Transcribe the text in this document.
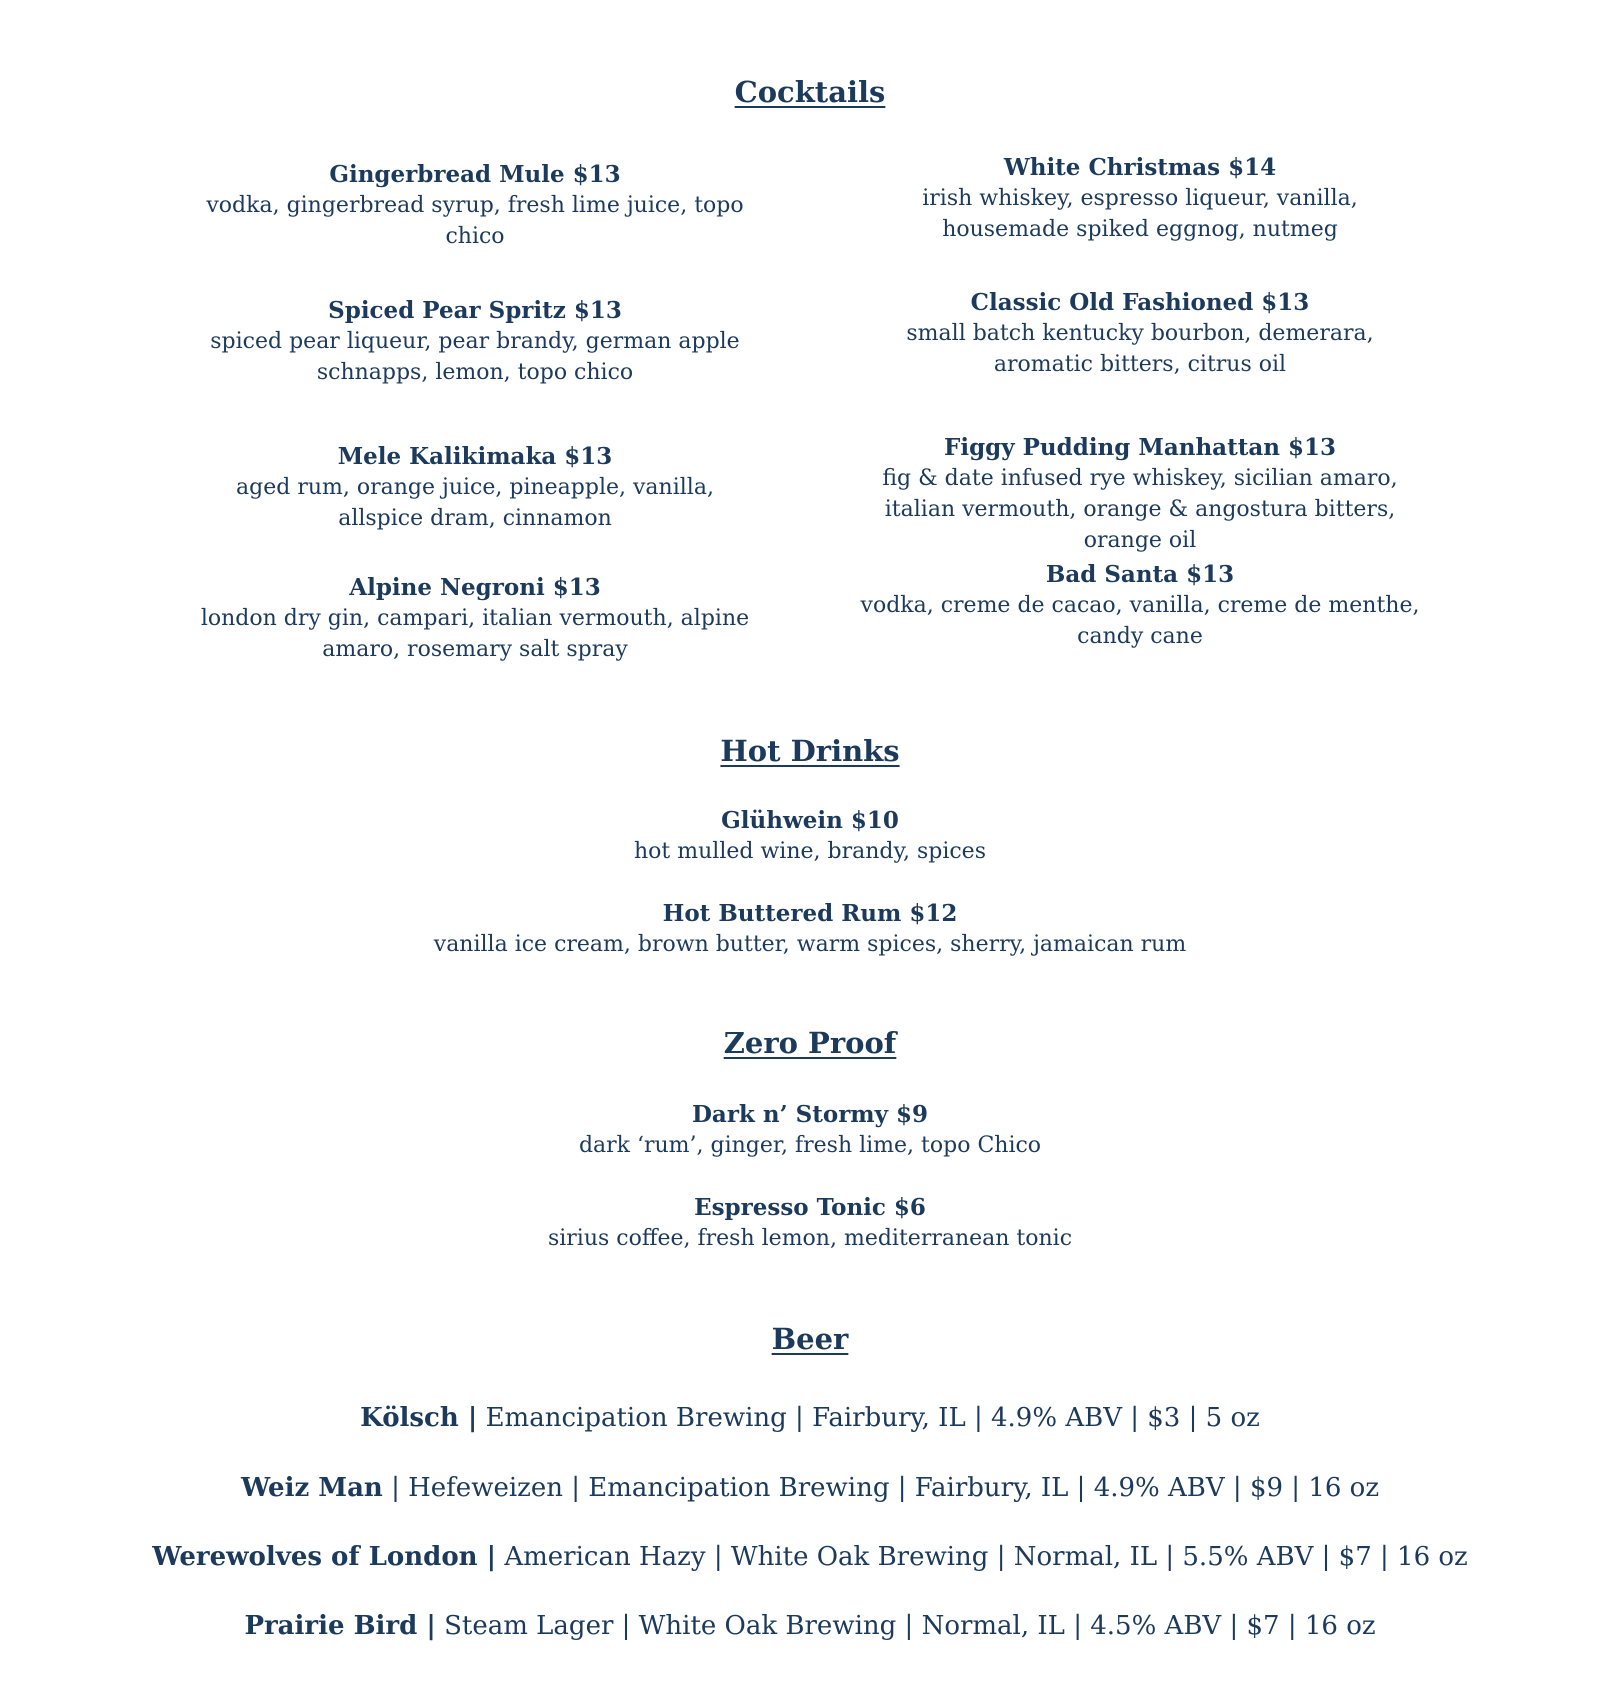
Cocktails
Gingerbread Mule $13
vodka, gingerbread syrup, fresh lime juice, topo chico
Spiced Pear Spritz $13
spiced pear liqueur, pear brandy, german apple schnapps, lemon, topo chico
Mele Kalikimaka $13
aged rum, orange juice, pineapple, vanilla, allspice dram, cinnamon
Alpine Negroni $13
london dry gin, campari, italian vermouth, alpine amaro, rosemary salt spray
White Christmas $14
irish whiskey, espresso liqueur, vanilla, housemade spiked eggnog, nutmeg
Classic Old Fashioned $13
small batch kentucky bourbon, demerara, aromatic bitters, citrus oil
Figgy Pudding Manhattan $13
fig & date infused rye whiskey, sicilian amaro, italian vermouth, orange & angostura bitters, orange oil
Bad Santa $13
vodka, creme de cacao, vanilla, creme de menthe, candy cane
Hot Drinks
Glühwein $10
hot mulled wine, brandy, spices
Hot Buttered Rum $12
vanilla ice cream, brown butter, warm spices, sherry, jamaican rum
Zero Proof
Dark n’ Stormy $9
dark ‘rum’, ginger, fresh lime, topo Chico
Espresso Tonic $6
sirius coffee, fresh lemon, mediterranean tonic
Beer
Kölsch | Emancipation Brewing | Fairbury, IL | 4.9% ABV | $3 | 5 oz
Weiz Man | Hefeweizen | Emancipation Brewing | Fairbury, IL | 4.9% ABV | $9 | 16 oz
Werewolves of London | American Hazy | White Oak Brewing | Normal, IL | 5.5% ABV | $7 | 16 oz
Prairie Bird | Steam Lager | White Oak Brewing | Normal, IL | 4.5% ABV | $7 | 16 oz
